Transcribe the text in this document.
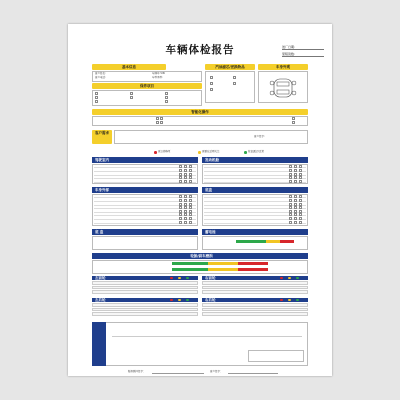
车辆体检报告	送厂日期:
里程读数:
基本信息	汽油滤芯/更换物品	车身外观
客户姓名:
客户电话:
车牌号:VIN
车型类型:
保养项目
智能化操作
客户需求
客户签字:
需立即修复	需要在近期关注	检查通过/正常
驾驶室内	发动机舱
车身外部	底盘
底 盘	蓄电池
轮胎/刹车磨损
左前轮	右前轮
左后轮	右后轮
服务顾问签字：	客户签字：
